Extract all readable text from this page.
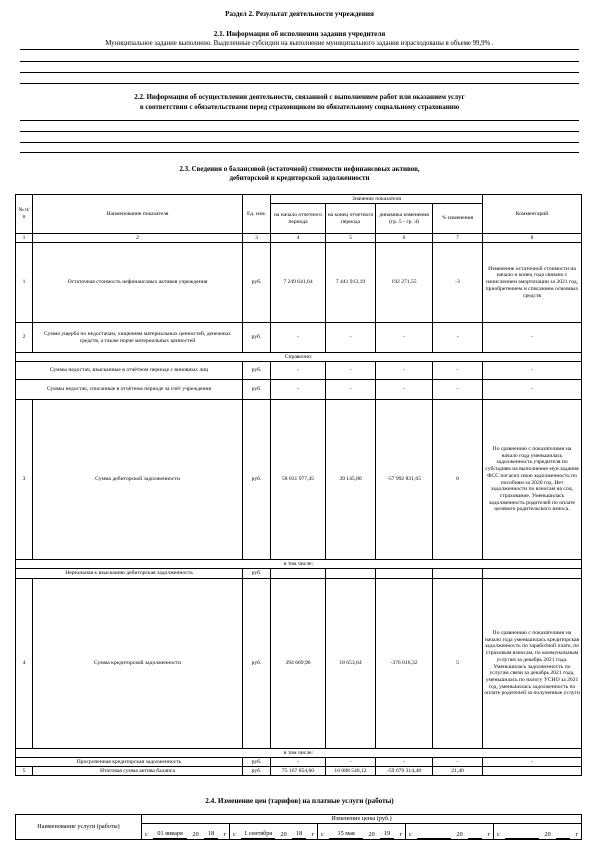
Раздел 2. Результат деятельности учреждения
2.1. Информация об исполнении задания учредителя
Муниципальное задание выполнено. Выделенные субсидии на выполнение муниципального задания израсходованы в объеме 99,9% .
2.2. Информация об осуществлении деятельности, связанной с выполнением работ или оказанием услуг
в соответствии с обязательствами перед страховщиком по обязательному социальному страхованию
2.3. Сведения о балансовой (остаточной) стоимости нефинансовых активов,
дебиторской и кредиторской задолженности
№ п/п	Наименование показателя	Ед. изм.	Значение показателя				Комментарий
			на начало отчетного периода	на конец отчетного периода	динамика изменения (гр. 5 - гр. 4)	% изменения	
1	2	3	4	5	6	7	8
1	Остаточная стоимость нефинансовых активов учреждения	руб.	7 249 641,64	7 441 913,19	192 271,55	-3	Изменение остаточной стоимости на начало и конец года связано с начислением амортизации за 2021 год, приобретением и списанием основных средств
2	Сумма ущерба по недостачам, хищениям материальных ценностей, денежных средств, а также порче материальных ценностей	руб.	-	-	-	-	-
Справочно:							
Суммы недостач, взысканные в отчётном периоде с виновных лиц		руб.	-	-	-	-	-
Суммы недостач, списанные в отчётном периоде за счёт учреждения		руб.	-	-	-	-	-
3	Сумма дебиторской задолженности	руб.	58 031 977,45	39 145,80	-57 992 831,65	0	По сравнению с показателями на начало года уменьшилась задолженность учредителя по субсидиям на выполнение мун.задания ФСС погасил свою задолженность по пособиям за 2020 год. Нет задолженности по взносам на соц. страхование. Уменьшилась задолженность родителей по оплате целевого родительского взноса.
в том числе:							
Нереальная к взысканию дебиторская задолженность		руб.					
4	Сумма кредиторской задолженности	руб.	394 669,96	18 653,64	-376 016,32	5	По сравнению с показателями на начало года уменьшилась кредиторская задолженность по заработной плате, по страховым взносам, по коммунальным услугам за декабрь 2021 года. Уменьшилась задолженность по услугам связи за декабрь 2021 года, уменьшилась по налогу УСНО за 2021 год, уменьшилась задолженность по оплате родителей за полученные услуги
в том числе:							
Просроченная кредиторская задолженность		руб.	-	-	-	-	-
5	Итоговая сумма актива баланса	руб.	75 167 854,60	16 088 540,12	-59 079 314,48	21,40	
2.4. Изменение цен (тарифов) на платные услуги (работы)
Наименование услуги (работы)	Изменение цены (руб.)				

	с 01 января 20 18 г	с 1 сентября 20 18 г	с 15 мая 20 19 г	с 20 г	с 20 г
